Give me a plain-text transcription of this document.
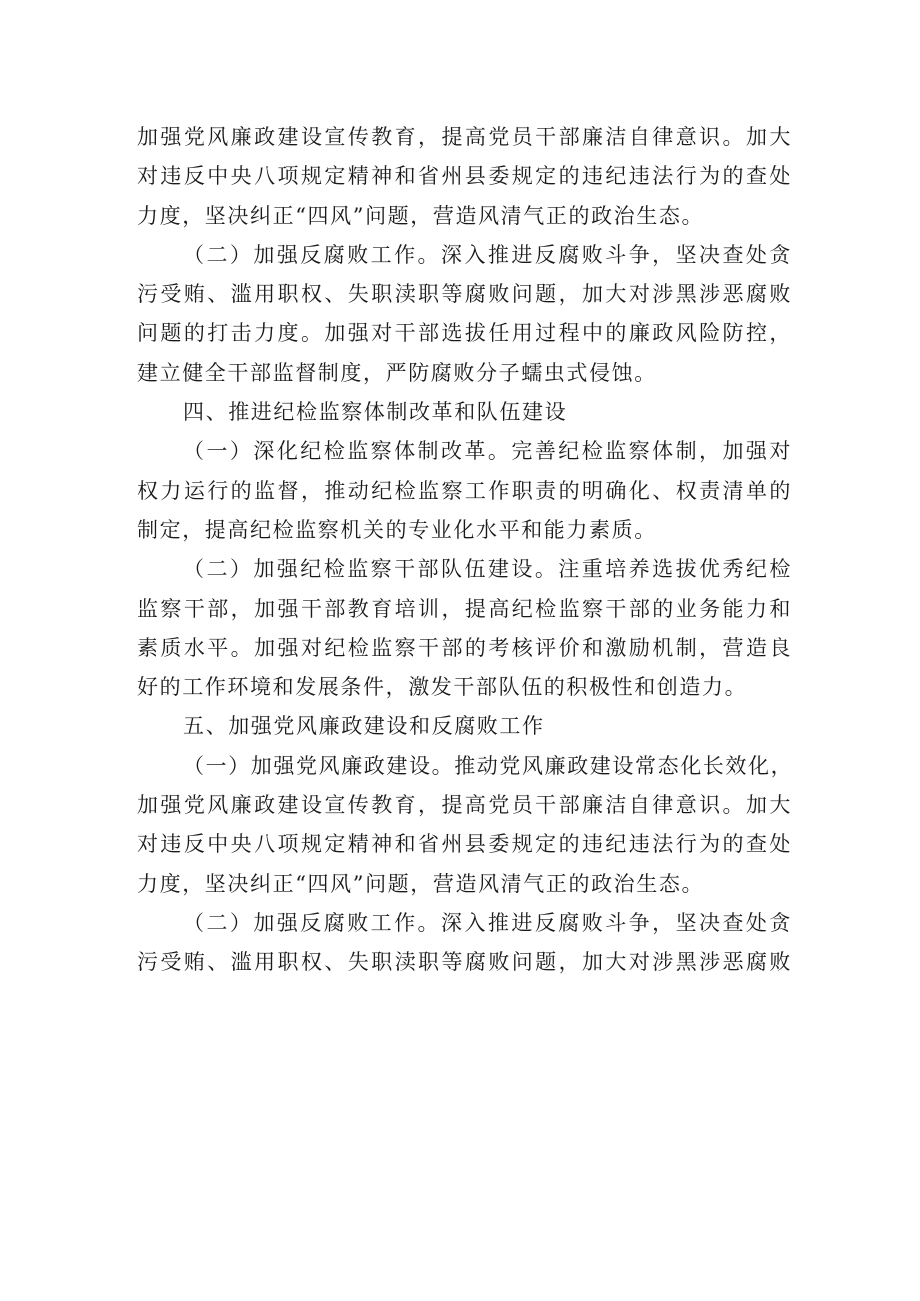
加强党风廉政建设宣传教育，提高党员干部廉洁自律意识。加大
对违反中央八项规定精神和省州县委规定的违纪违法行为的查处
力度，坚决纠正“四风”问题，营造风清气正的政治生态。
（二）加强反腐败工作。深入推进反腐败斗争，坚决查处贪
污受贿、滥用职权、失职渎职等腐败问题，加大对涉黑涉恶腐败
问题的打击力度。加强对干部选拔任用过程中的廉政风险防控，
建立健全干部监督制度，严防腐败分子蠕虫式侵蚀。
四、推进纪检监察体制改革和队伍建设
（一）深化纪检监察体制改革。完善纪检监察体制，加强对
权力运行的监督，推动纪检监察工作职责的明确化、权责清单的
制定，提高纪检监察机关的专业化水平和能力素质。
（二）加强纪检监察干部队伍建设。注重培养选拔优秀纪检
监察干部，加强干部教育培训，提高纪检监察干部的业务能力和
素质水平。加强对纪检监察干部的考核评价和激励机制，营造良
好的工作环境和发展条件，激发干部队伍的积极性和创造力。
五、加强党风廉政建设和反腐败工作
（一）加强党风廉政建设。推动党风廉政建设常态化长效化，
加强党风廉政建设宣传教育，提高党员干部廉洁自律意识。加大
对违反中央八项规定精神和省州县委规定的违纪违法行为的查处
力度，坚决纠正“四风”问题，营造风清气正的政治生态。
（二）加强反腐败工作。深入推进反腐败斗争，坚决查处贪
污受贿、滥用职权、失职渎职等腐败问题，加大对涉黑涉恶腐败
